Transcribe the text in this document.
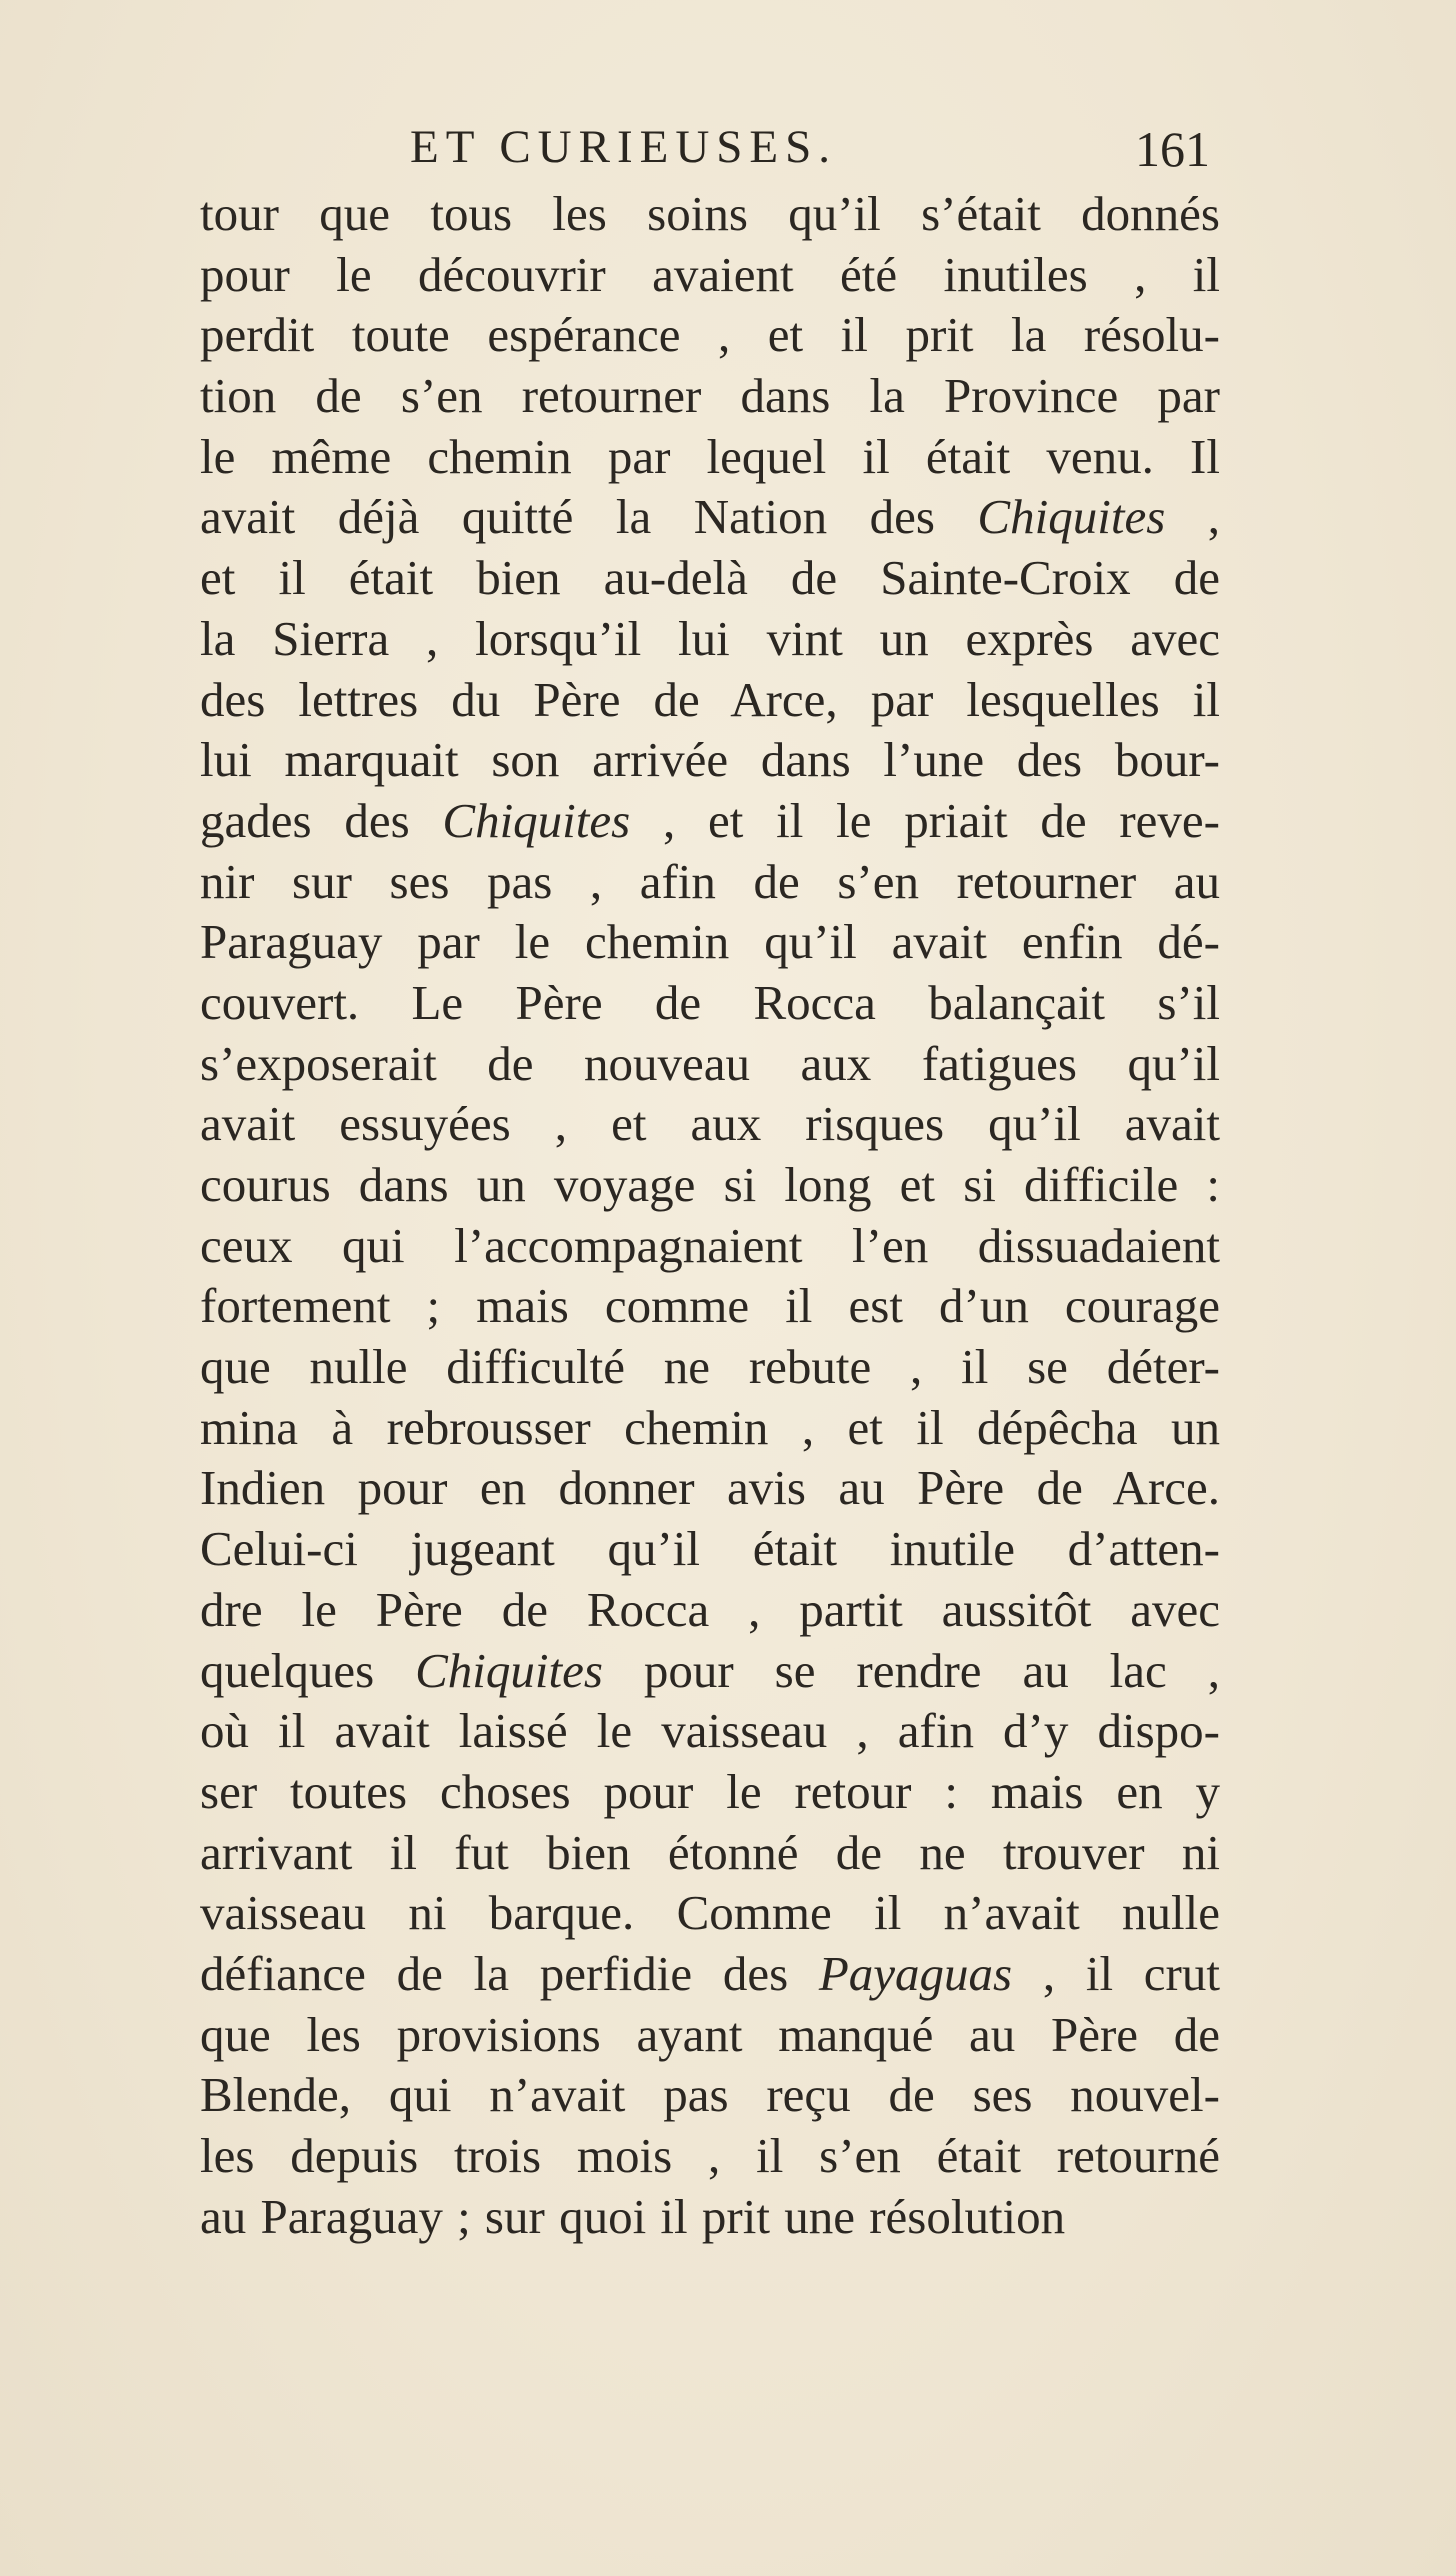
ET CURIEUSES.	161
tour que tous les soins qu’il s’était donnés
pour le découvrir avaient été inutiles , il
perdit toute espérance , et il prit la résolu-
tion de s’en retourner dans la Province par
le même chemin par lequel il était venu. Il
avait déjà quitté la Nation des Chiquites ,
et il était bien au-delà de Sainte-Croix de
la Sierra , lorsqu’il lui vint un exprès avec
des lettres du Père de Arce, par lesquelles il
lui marquait son arrivée dans l’une des bour-
gades des Chiquites , et il le priait de reve-
nir sur ses pas , afin de s’en retourner au
Paraguay par le chemin qu’il avait enfin dé-
couvert. Le Père de Rocca balançait s’il
s’exposerait de nouveau aux fatigues qu’il
avait essuyées , et aux risques qu’il avait
courus dans un voyage si long et si difficile :
ceux qui l’accompagnaient l’en dissuadaient
fortement ; mais comme il est d’un courage
que nulle difficulté ne rebute , il se déter-
mina à rebrousser chemin , et il dépêcha un
Indien pour en donner avis au Père de Arce.
Celui-ci jugeant qu’il était inutile d’atten-
dre le Père de Rocca , partit aussitôt avec
quelques Chiquites pour se rendre au lac ,
où il avait laissé le vaisseau , afin d’y dispo-
ser toutes choses pour le retour : mais en y
arrivant il fut bien étonné de ne trouver ni
vaisseau ni barque. Comme il n’avait nulle
défiance de la perfidie des Payaguas , il crut
que les provisions ayant manqué au Père de
Blende, qui n’avait pas reçu de ses nouvel-
les depuis trois mois , il s’en était retourné
au Paraguay ; sur quoi il prit une résolution
